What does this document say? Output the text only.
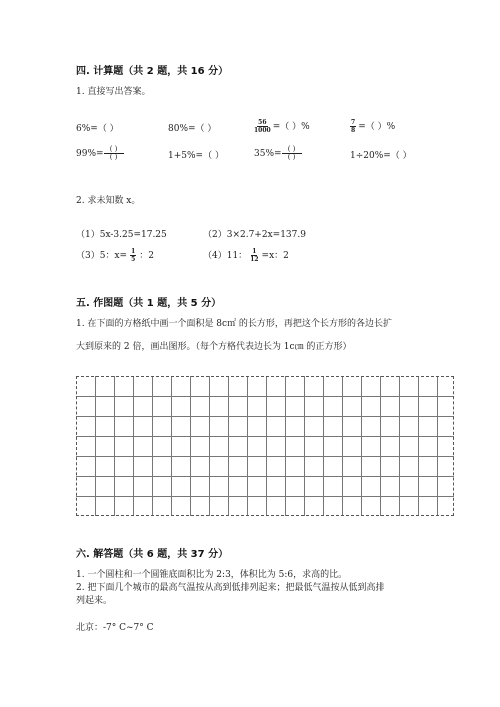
四. 计算题（共 2 题，共 16 分）
1. 直接写出答案。
6%=（ ）	80%=（ ）	$\frac{56}{1000}$ =（ ）%	$\frac{7}{8}$ =（ ）%
$99\%= \frac{( )}{( )}$	1+5%=（ ）	$35\%= \frac{( )}{( )}$	1÷20%=（ ）
2. 求未知数 x。
（1）5x-3.25=17.25	（2）3×2.7+2x=137.9
（3）5：$x= \frac{1}{5}$ ：2	（4）11： $\frac{1}{12} =x$：2
五. 作图题（共 1 题，共 5 分）
1. 在下面的方格纸中画一个面积是 8c㎡ 的长方形，再把这个长方形的各边长扩
大到原来的 2 倍，画出图形。（每个方格代表边长为 1c㎝ 的正方形）
六. 解答题（共 6 题，共 37 分）
1. 一个圆柱和一个圆锥底面积比为 2:3，体积比为 5:6，求高的比。
2. 把下面几个城市的最高气温按从高到低排列起来；把最低气温按从低到高排
列起来。
北京：-7° C~7° C
